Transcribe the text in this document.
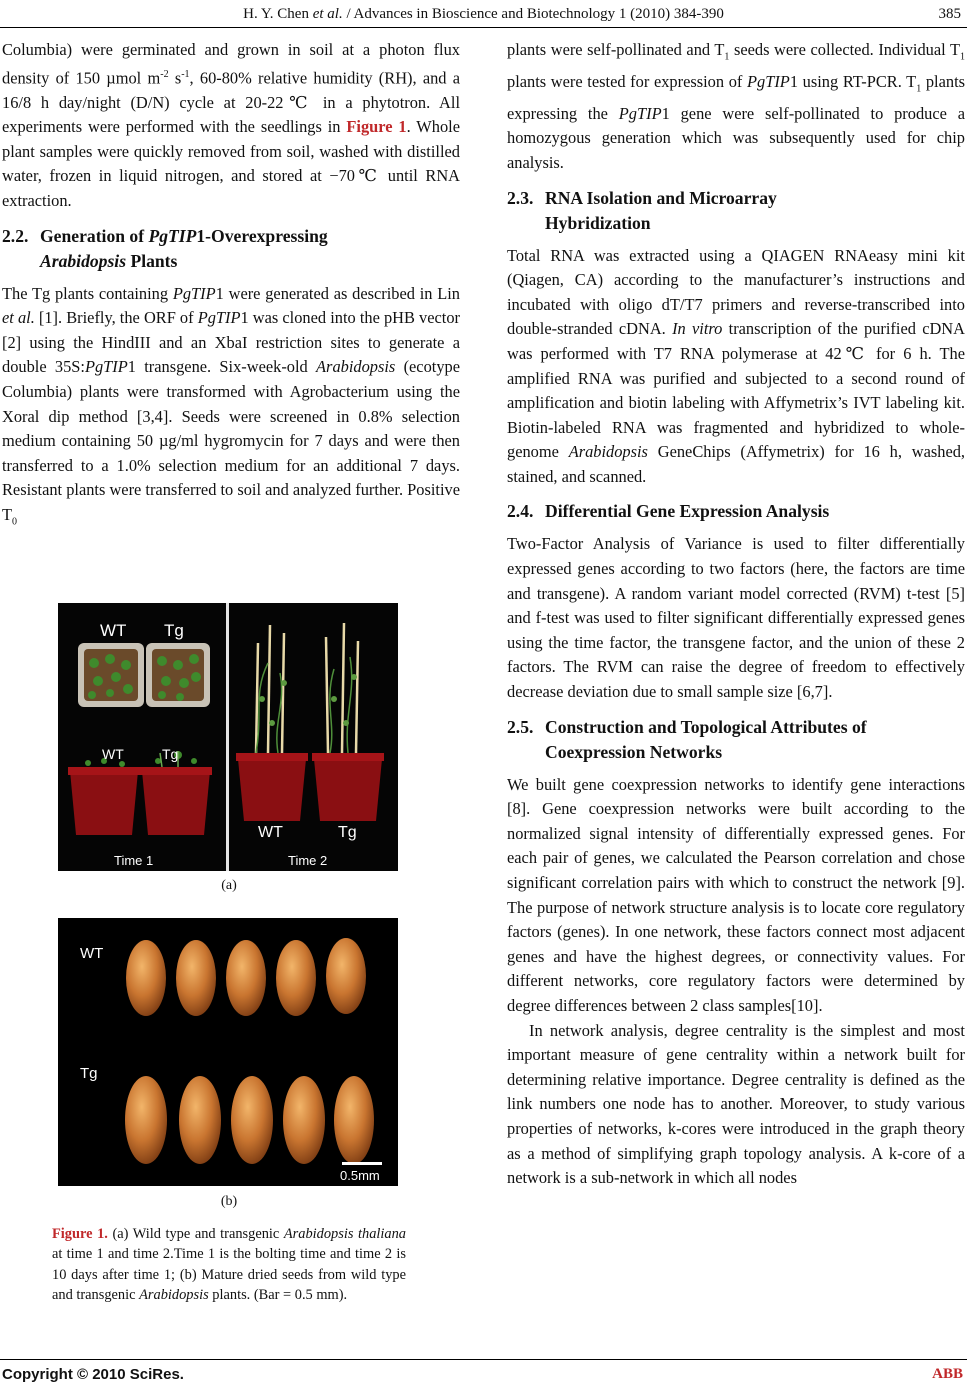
H. Y. Chen et al. / Advances in Bioscience and Biotechnology 1 (2010) 384-390	385

Columbia) were germinated and grown in soil at a photon flux density of 150 µmol $m^{-2}$ $s^{-1}$, 60-80% relative humidity (RH), and a 16/8 h day/night (D/N) cycle at 20-22℃ in a phytotron. All experiments were performed with the seedlings in Figure 1. Whole plant samples were quickly removed from soil, washed with distilled water, frozen in liquid nitrogen, and stored at −70℃ until RNA extraction.

2.2. Generation of PgTIP1-Overexpressing
Arabidopsis Plants

The Tg plants containing PgTIP1 were generated as described in Lin et al. [1]. Briefly, the ORF of PgTIP1 was cloned into the pHB vector [2] using the HindIII and an XbaI restriction sites to generate a double 35S:PgTIP1 transgene. Six-week-old Arabidopsis (ecotype Columbia) plants were transformed with Agrobacterium using the Xoral dip method [3,4]. Seeds were screened in 0.8% selection medium containing 50 µg/ml hygromycin for 7 days and were then transferred to a 1.0% selection medium for an additional 7 days. Resistant plants were transferred to soil and analyzed further. Positive $T_0$

WT Tg
WT	Tg
WT	Tg
Time 1	Time 2
(a)
WT
Tg
0.5mm
(b)
Figure 1. (a) Wild type and transgenic Arabidopsis thaliana at time 1 and time 2.Time 1 is the bolting time and time 2 is 10 days after time 1; (b) Mature dried seeds from wild type and transgenic Arabidopsis plants. (Bar = 0.5 mm).

plants were self-pollinated and $T_1$ seeds were collected. Individual $T_1$ plants were tested for expression of PgTIP1 using RT-PCR. $T_1$ plants expressing the PgTIP1 gene were self-pollinated to produce a homozygous generation which was subsequently used for chip analysis.

2.3. RNA Isolation and Microarray
Hybridization

Total RNA was extracted using a QIAGEN RNAeasy mini kit (Qiagen, CA) according to the manufacturer’s instructions and incubated with oligo dT/T7 primers and reverse-transcribed into double-stranded cDNA. In vitro transcription of the purified cDNA was performed with T7 RNA polymerase at 42℃ for 6 h. The amplified RNA was purified and subjected to a second round of amplification and biotin labeling with Affymetrix’s IVT labeling kit. Biotin-labeled RNA was fragmented and hybridized to whole-genome Arabidopsis GeneChips (Affymetrix) for 16 h, washed, stained, and scanned.

2.4. Differential Gene Expression Analysis

Two-Factor Analysis of Variance is used to filter differentially expressed genes according to two factors (here, the factors are time and transgene). A random variant model corrected (RVM) t-test [5] and f-test was used to filter significant differentially expressed genes using the time factor, the transgene factor, and the union of these 2 factors. The RVM can raise the degree of freedom to effectively decrease deviation due to small sample size [6,7].

2.5. Construction and Topological Attributes of
Coexpression Networks

We built gene coexpression networks to identify gene interactions [8]. Gene coexpression networks were built according to the normalized signal intensity of differentially expressed genes. For each pair of genes, we calculated the Pearson correlation and chose significant correlation pairs with which to construct the network [9]. The purpose of network structure analysis is to locate core regulatory factors (genes). In one network, these factors connect most adjacent genes and have the highest degrees, or connectivity values. For different networks, core regulatory factors were determined by degree differences between 2 class samples[10].

In network analysis, degree centrality is the simplest and most important measure of gene centrality within a network built for determining relative importance. Degree centrality is defined as the link numbers one node has to another. Moreover, to study various properties of networks, k-cores were introduced in the graph theory as a method of simplifying graph topology analysis. A k-core of a network is a sub-network in which all nodes

Copyright © 2010 SciRes.	ABB
